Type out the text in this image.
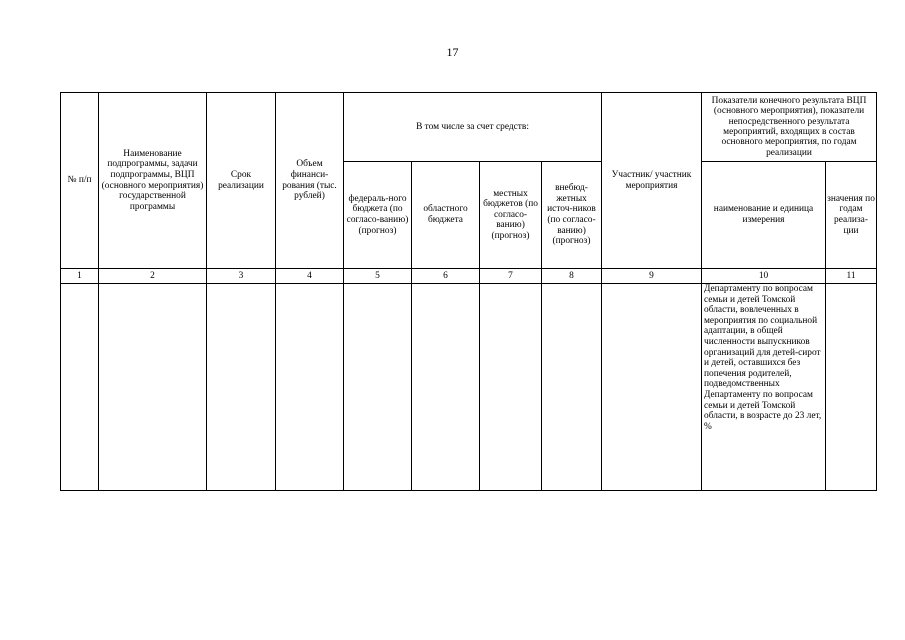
17
№ п/п	Наименование подпрограммы, задачи подпрограммы, ВЦП (основного мероприятия) государственной программы	Срок реализации	Объем финанси-рования (тыс. рублей)	В том числе за счет средств:				Участник/ участник мероприятия	Показатели конечного результата ВЦП (основного мероприятия), показатели непосредственного результата мероприятий, входящих в состав основного мероприятия, по годам реализации	
				федераль-ного бюджета (по согласо-ванию) (прогноз)	областного бюджета	местных бюджетов (по согласо-ванию) (прогноз)	внебюд-жетных источ-ников (по согласо-ванию) (прогноз)		наименование и единица измерения	значения по годам реализа-ции
1	2	3	4	5	6	7	8	9	10	11
									Департаменту по вопросам семьи и детей Томской области, вовлеченных в мероприятия по социальной адаптации, в общей численности выпускников организаций для детей-сирот и детей, оставшихся без попечения родителей, подведомственных Департаменту по вопросам семьи и детей Томской области, в возрасте до 23 лет, %	
